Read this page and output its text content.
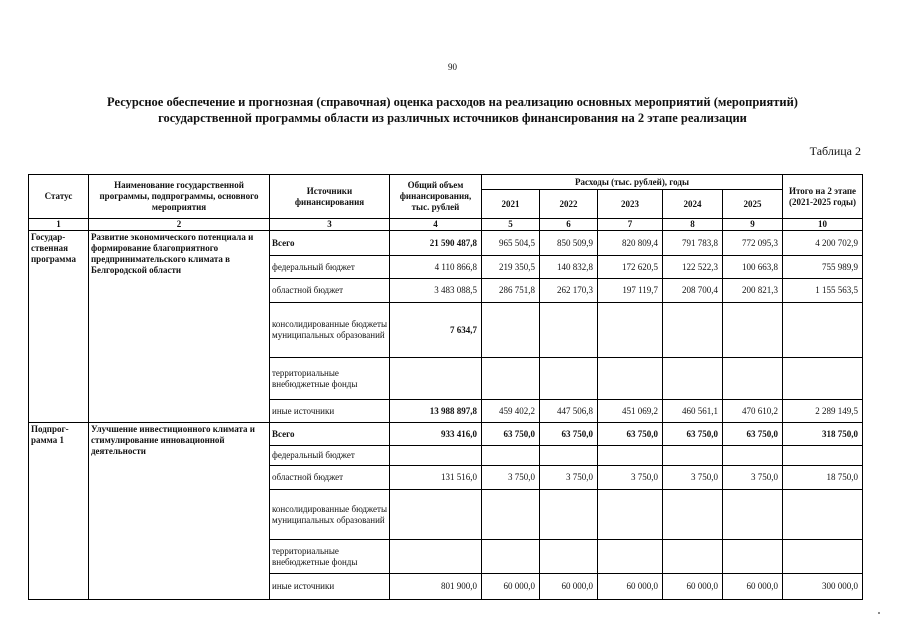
90
Ресурсное обеспечение и прогнозная (справочная) оценка расходов на реализацию основных мероприятий (мероприятий)
государственной программы области из различных источников финансирования на 2 этапе реализации
Таблица 2
Статус	Наименование государственной программы, подпрограммы, основного мероприятия	Источники финансирования	Общий объем финансирования, тыс. рублей	Расходы (тыс. рублей), годы					Итого на 2 этапе (2021-2025 годы)
				2021	2022	2023	2024	2025	
1	2	3	4	5	6	7	8	9	10
Государ-ственная программа	Развитие экономического потенциала и формирование благоприятного предпринимательского климата в Белгородской области	Всего	21 590 487,8	965 504,5	850 509,9	820 809,4	791 783,8	772 095,3	4 200 702,9
		федеральный бюджет	4 110 866,8	219 350,5	140 832,8	172 620,5	122 522,3	100 663,8	755 989,9
		областной бюджет	3 483 088,5	286 751,8	262 170,3	197 119,7	208 700,4	200 821,3	1 155 563,5
		консолидированные бюджеты муниципальных образований	7 634,7						
		территориальные внебюджетные фонды							
		иные источники	13 988 897,8	459 402,2	447 506,8	451 069,2	460 561,1	470 610,2	2 289 149,5
Подпрог-рамма 1	Улучшение инвестиционного климата и стимулирование инновационной деятельности	Всего	933 416,0	63 750,0	63 750,0	63 750,0	63 750,0	63 750,0	318 750,0
		федеральный бюджет							
		областной бюджет	131 516,0	3 750,0	3 750,0	3 750,0	3 750,0	3 750,0	18 750,0
		консолидированные бюджеты муниципальных образований							
		территориальные внебюджетные фонды							
		иные источники	801 900,0	60 000,0	60 000,0	60 000,0	60 000,0	60 000,0	300 000,0
